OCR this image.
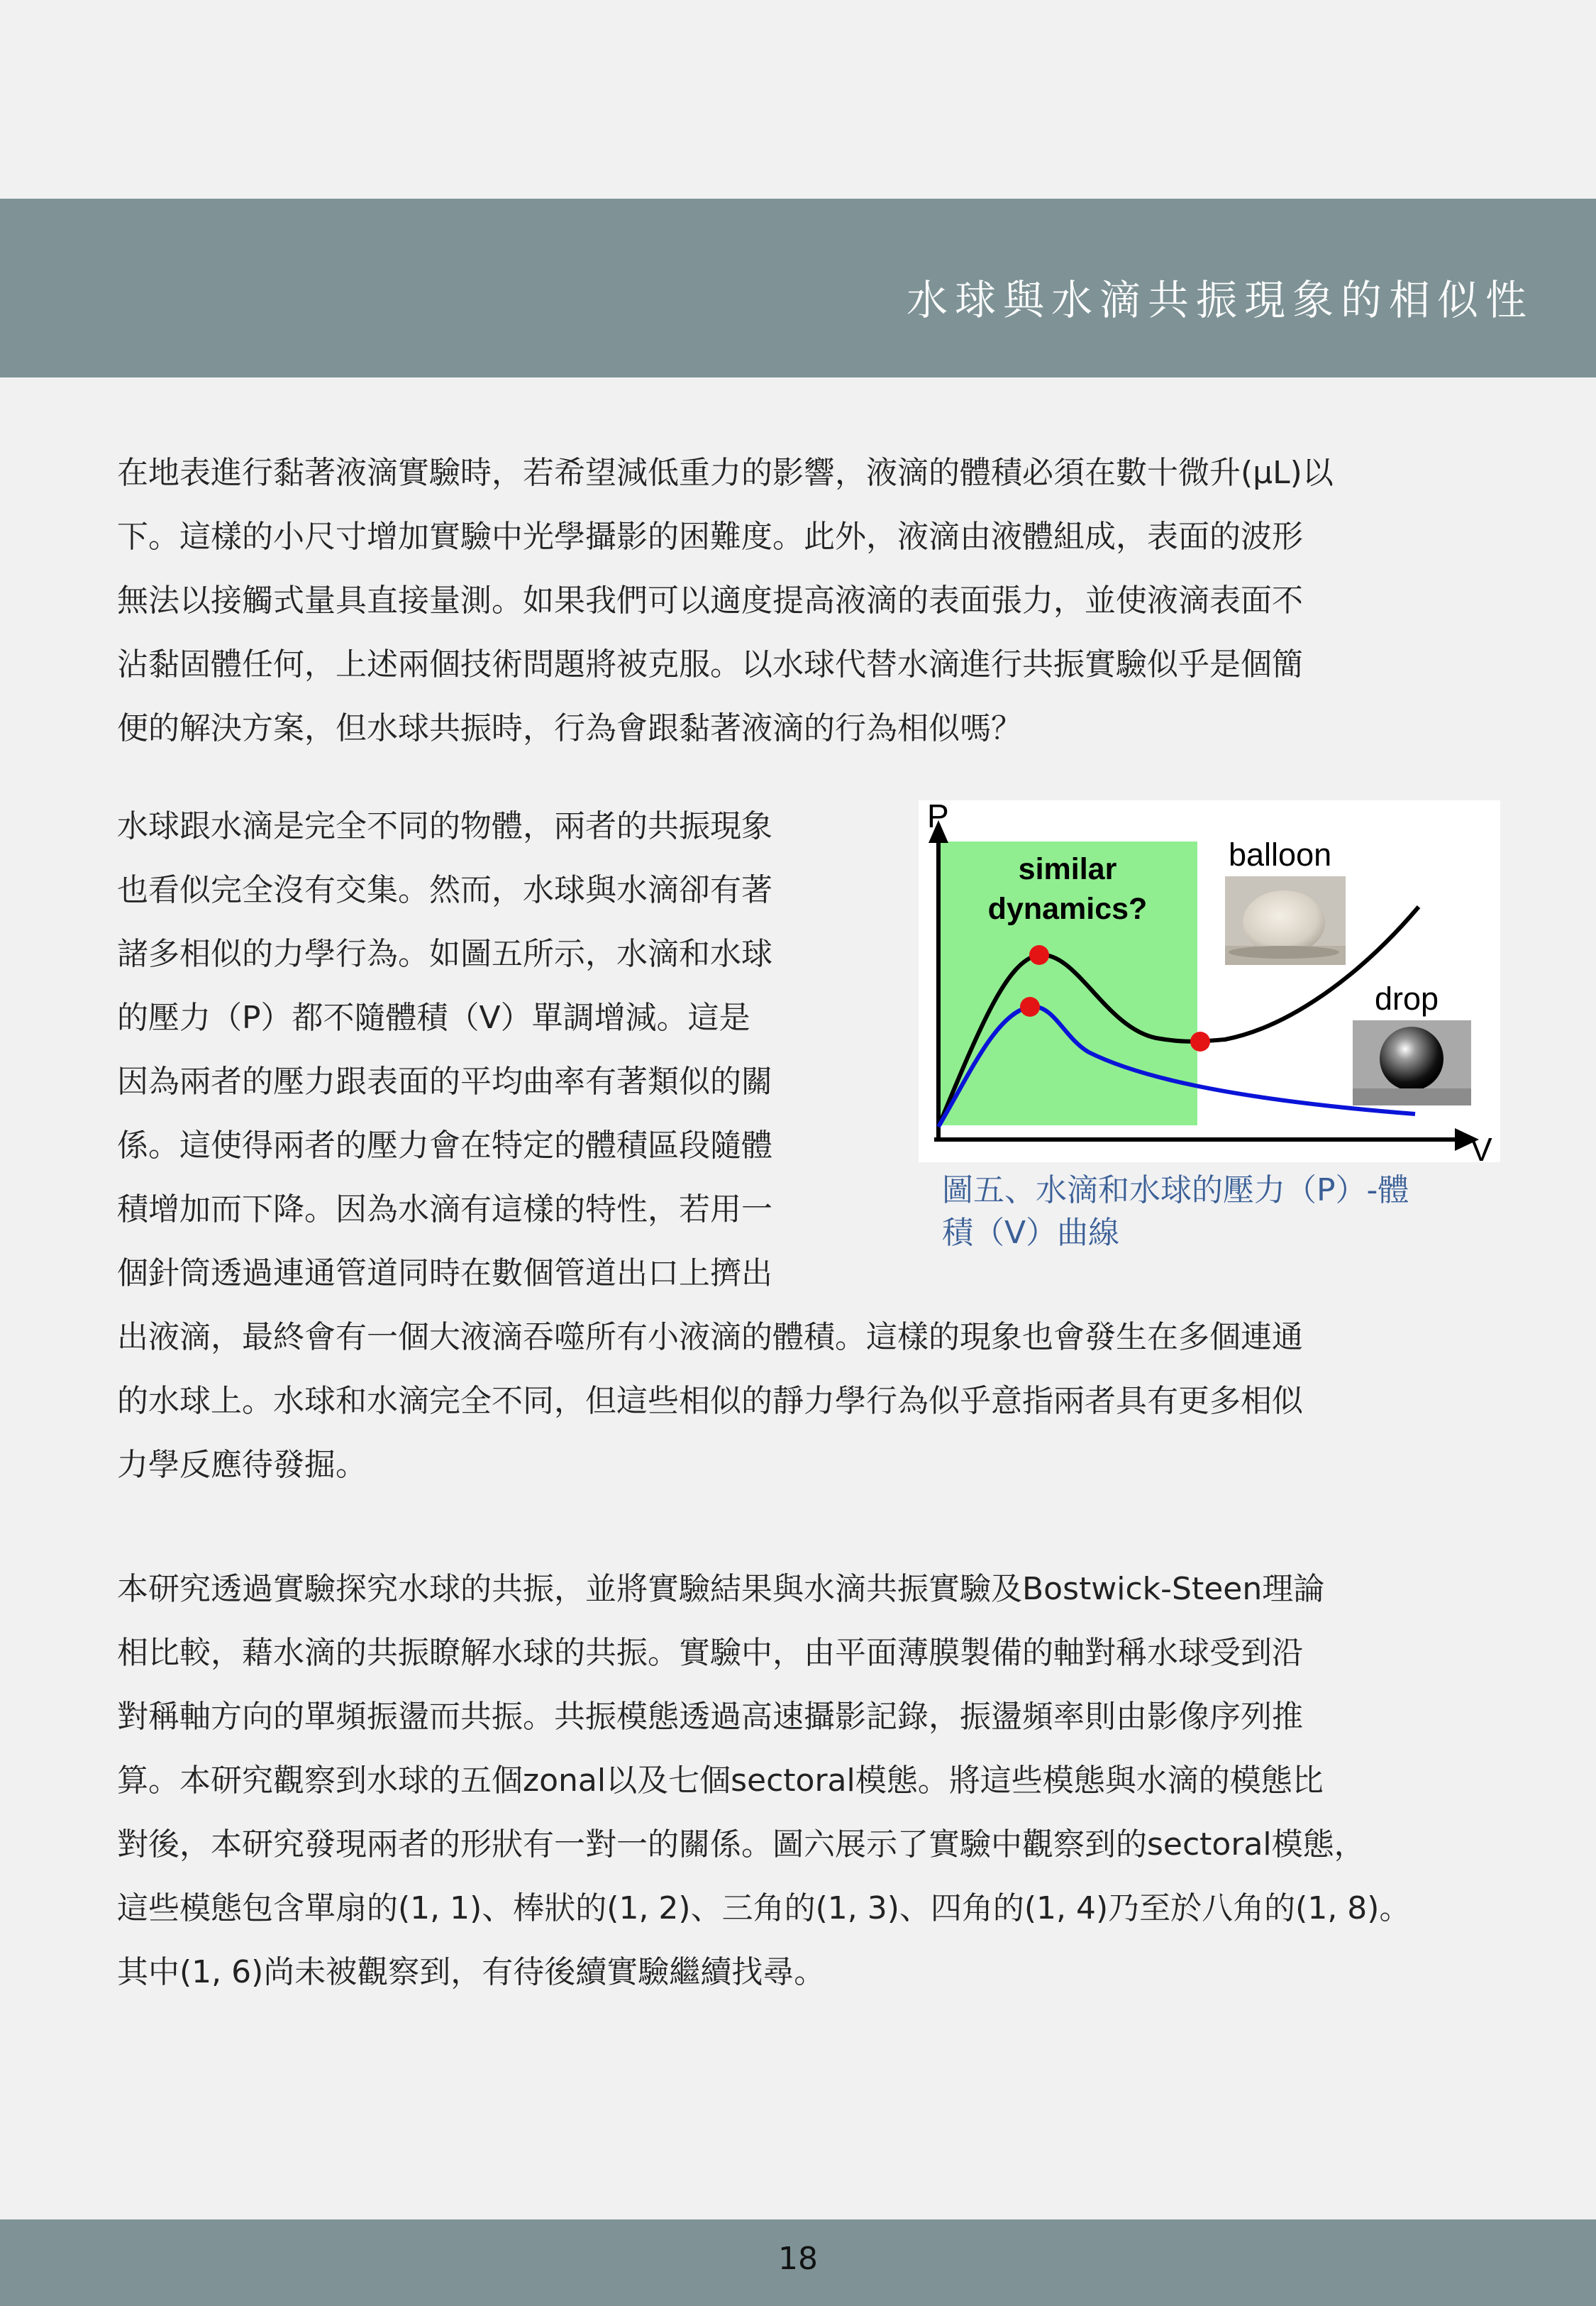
水球與水滴共振現象的相似性
在地表進行黏著液滴實驗時，若希望減低重力的影響，液滴的體積必須在數十微升(μL)以
下。這樣的小尺寸增加實驗中光學攝影的困難度。此外，液滴由液體組成，表面的波形
無法以接觸式量具直接量測。如果我們可以適度提高液滴的表面張力，並使液滴表面不
沾黏固體任何，上述兩個技術問題將被克服。以水球代替水滴進行共振實驗似乎是個簡
便的解決方案，但水球共振時，行為會跟黏著液滴的行為相似嗎？
水球跟水滴是完全不同的物體，兩者的共振現象
也看似完全沒有交集。然而，水球與水滴卻有著
諸多相似的力學行為。如圖五所示，水滴和水球
的壓力（P）都不隨體積（V）單調增減。這是
因為兩者的壓力跟表面的平均曲率有著類似的關
係。這使得兩者的壓力會在特定的體積區段隨體
積增加而下降。因為水滴有這樣的特性，若用一
個針筒透過連通管道同時在數個管道出口上擠出
出液滴，最終會有一個大液滴吞噬所有小液滴的體積。這樣的現象也會發生在多個連通
的水球上。水球和水滴完全不同，但這些相似的靜力學行為似乎意指兩者具有更多相似
力學反應待發掘。
P
V
similar
dynamics?
balloon
drop
圖五、水滴和水球的壓力（P）-體
積（V）曲線
本研究透過實驗探究水球的共振，並將實驗結果與水滴共振實驗及Bostwick-Steen理論
相比較，藉水滴的共振瞭解水球的共振。實驗中，由平面薄膜製備的軸對稱水球受到沿
對稱軸方向的單頻振盪而共振。共振模態透過高速攝影記錄，振盪頻率則由影像序列推
算。本研究觀察到水球的五個zonal以及七個sectoral模態。將這些模態與水滴的模態比
對後，本研究發現兩者的形狀有一對一的關係。圖六展示了實驗中觀察到的sectoral模態，
這些模態包含單扇的(1, 1)、棒狀的(1, 2)、三角的(1, 3)、四角的(1, 4)乃至於八角的(1, 8)。
其中(1, 6)尚未被觀察到，有待後續實驗繼續找尋。
18
